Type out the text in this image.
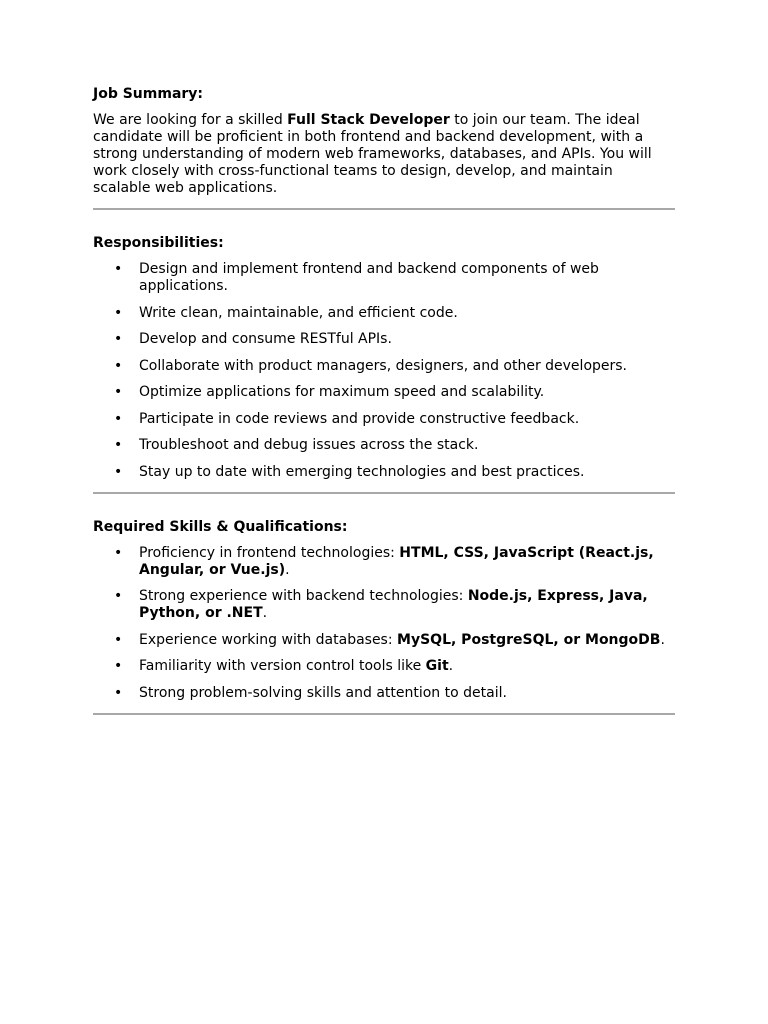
Job Summary:

We are looking for a skilled Full Stack Developer to join our team. The ideal candidate will be proficient in both frontend and backend development, with a strong understanding of modern web frameworks, databases, and APIs. You will work closely with cross-functional teams to design, develop, and maintain scalable web applications.

Responsibilities:
• Design and implement frontend and backend components of web applications.
• Write clean, maintainable, and efficient code.
• Develop and consume RESTful APIs.
• Collaborate with product managers, designers, and other developers.
• Optimize applications for maximum speed and scalability.
• Participate in code reviews and provide constructive feedback.
• Troubleshoot and debug issues across the stack.
• Stay up to date with emerging technologies and best practices.
Required Skills & Qualifications:
• Proficiency in frontend technologies: HTML, CSS, JavaScript (React.js, Angular, or Vue.js).
• Strong experience with backend technologies: Node.js, Express, Java, Python, or .NET.
• Experience working with databases: MySQL, PostgreSQL, or MongoDB.
• Familiarity with version control tools like Git.
• Strong problem-solving skills and attention to detail.
